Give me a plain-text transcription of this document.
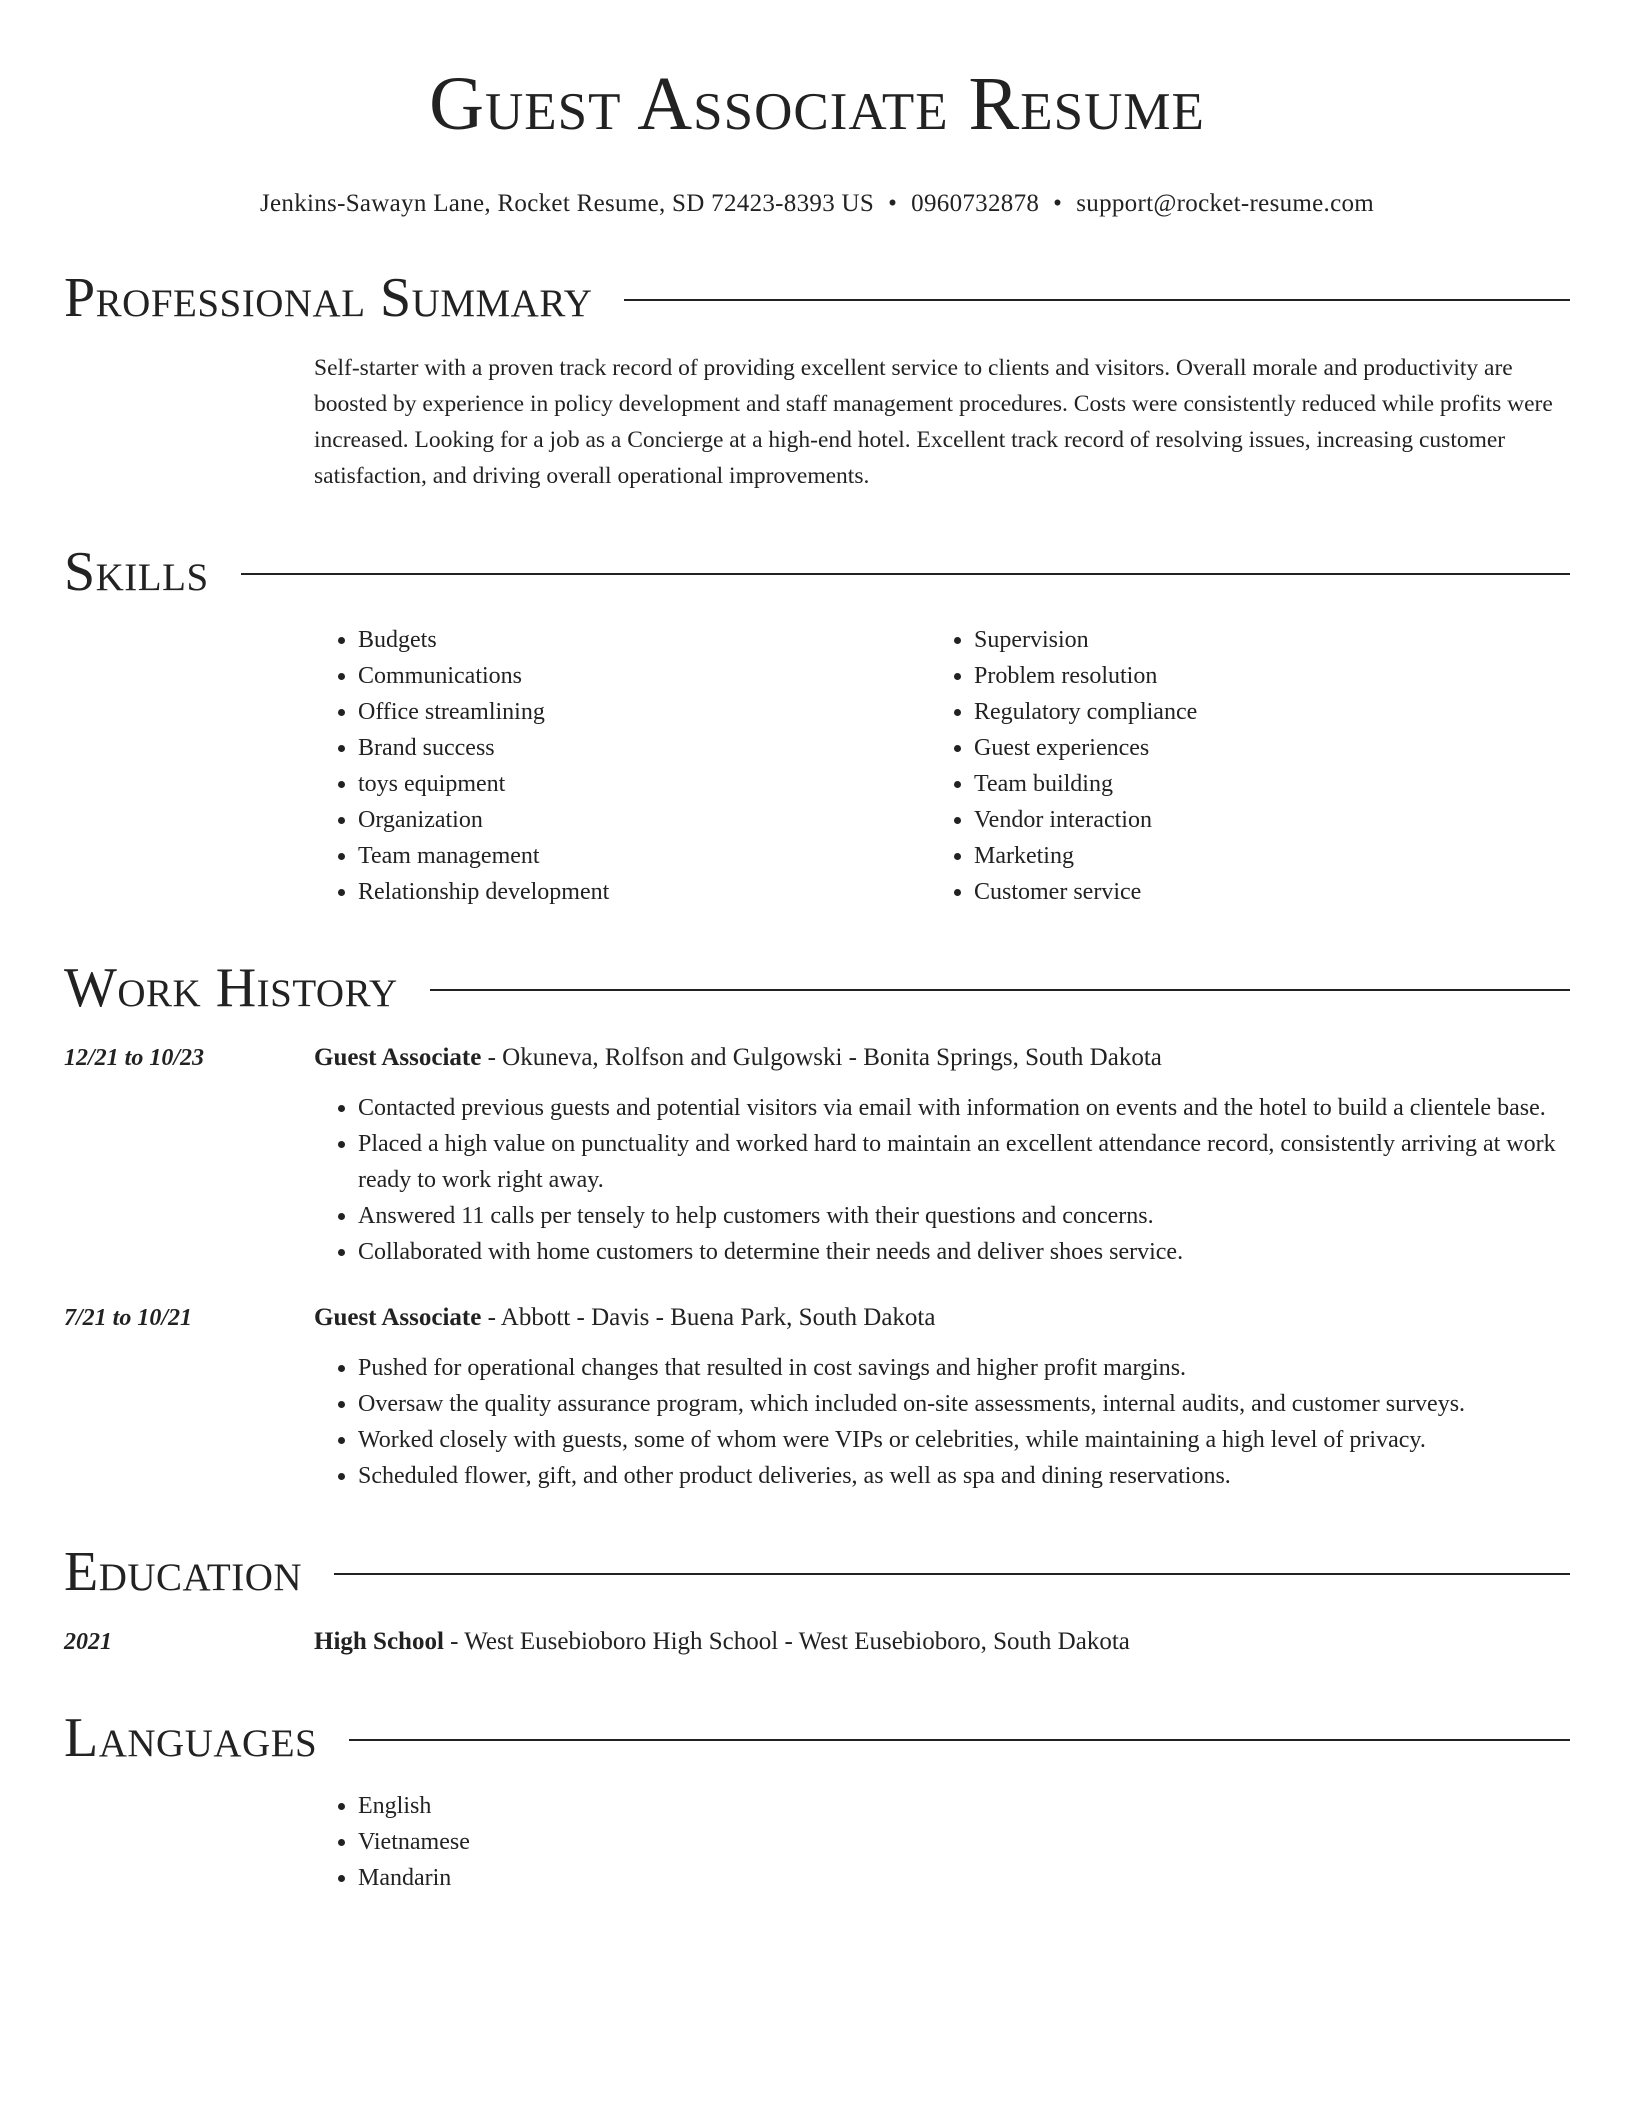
Guest Associate Resume
Jenkins-Sawayn Lane, Rocket Resume, SD 72423-8393 US • 0960732878 • support@rocket-resume.com
Professional Summary

Self-starter with a proven track record of providing excellent service to clients and visitors. Overall morale and productivity are boosted by experience in policy development and staff management procedures. Costs were consistently reduced while profits were increased. Looking for a job as a Concierge at a high-end hotel. Excellent track record of resolving issues, increasing customer satisfaction, and driving overall operational improvements.

Skills
• Budgets
• Communications
• Office streamlining
• Brand success
• toys equipment
• Organization
• Team management
• Relationship development
• Supervision
• Problem resolution
• Regulatory compliance
• Guest experiences
• Team building
• Vendor interaction
• Marketing
• Customer service
Work History
12/21 to 10/23	Guest Associate - Okuneva, Rolfson and Gulgowski - Bonita Springs, South Dakota
• Contacted previous guests and potential visitors via email with information on events and the hotel to build a clientele base.
• Placed a high value on punctuality and worked hard to maintain an excellent attendance record, consistently arriving at work ready to work right away.
• Answered 11 calls per tensely to help customers with their questions and concerns.
• Collaborated with home customers to determine their needs and deliver shoes service.
7/21 to 10/21	Guest Associate - Abbott - Davis - Buena Park, South Dakota
• Pushed for operational changes that resulted in cost savings and higher profit margins.
• Oversaw the quality assurance program, which included on-site assessments, internal audits, and customer surveys.
• Worked closely with guests, some of whom were VIPs or celebrities, while maintaining a high level of privacy.
• Scheduled flower, gift, and other product deliveries, as well as spa and dining reservations.
Education
2021	High School - West Eusebioboro High School - West Eusebioboro, South Dakota
Languages
• English
• Vietnamese
• Mandarin
